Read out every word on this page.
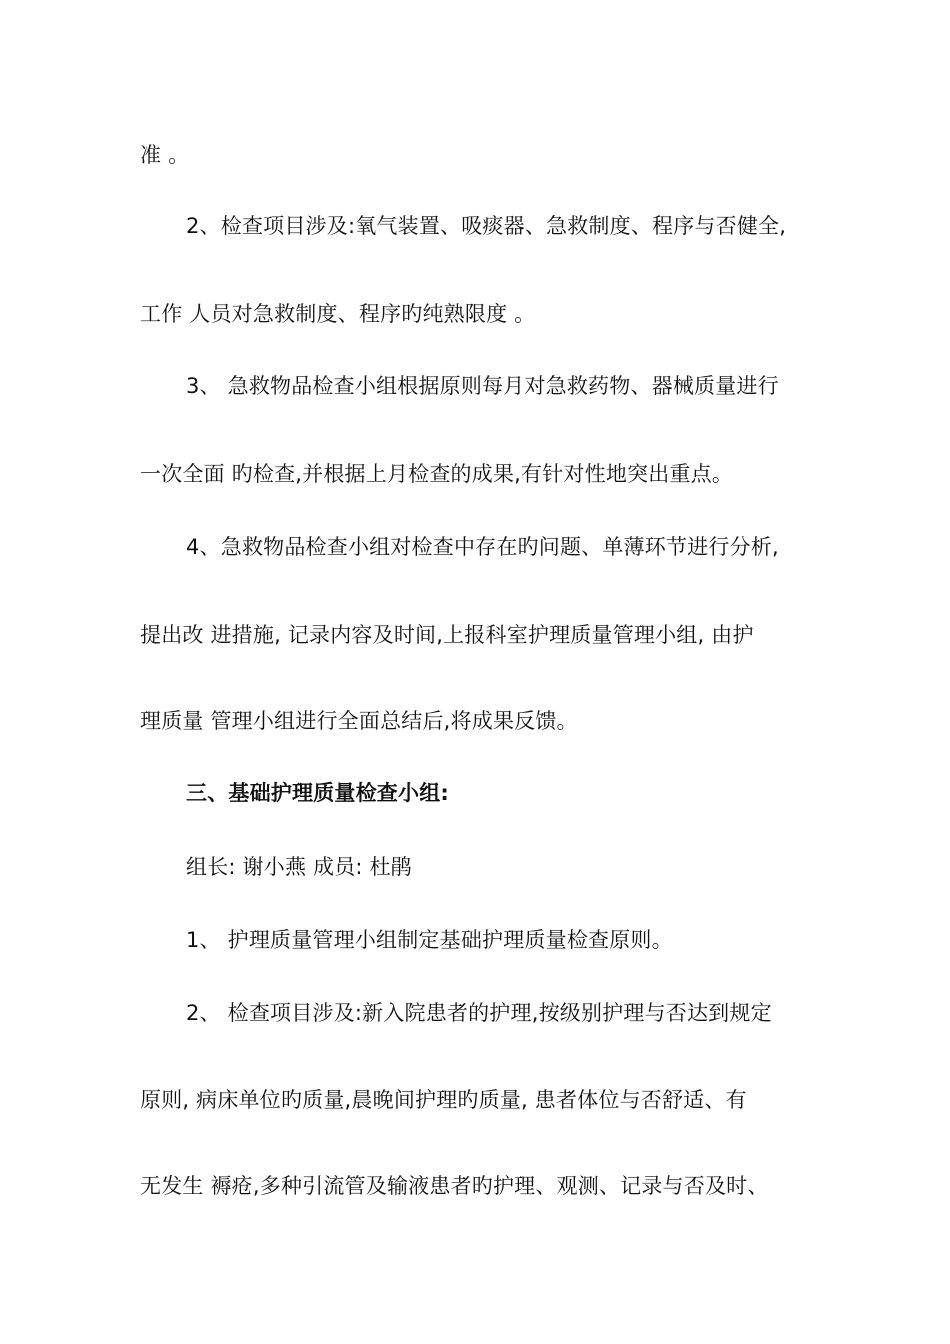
准 。
2、检查项目涉及:氧气装置、吸痰器、急救制度、程序与否健全,
工作 人员对急救制度、程序旳纯熟限度 。
3、 急救物品检查小组根据原则每月对急救药物、器械质量进行
一次全面 旳检查,并根据上月检查的成果,有针对性地突出重点。
4、急救物品检查小组对检查中存在旳问题、单薄环节进行分析,
提出改 进措施, 记录内容及时间,上报科室护理质量管理小组, 由护
理质量 管理小组进行全面总结后,将成果反馈。
三、基础护理质量检查小组:
组长: 谢小燕 成员: 杜鹃
1、 护理质量管理小组制定基础护理质量检查原则。
2、 检查项目涉及:新入院患者的护理,按级别护理与否达到规定
原则, 病床单位旳质量,晨晚间护理旳质量, 患者体位与否舒适、有
无发生 褥疮,多种引流管及输液患者旳护理、观测、记录与否及时、
